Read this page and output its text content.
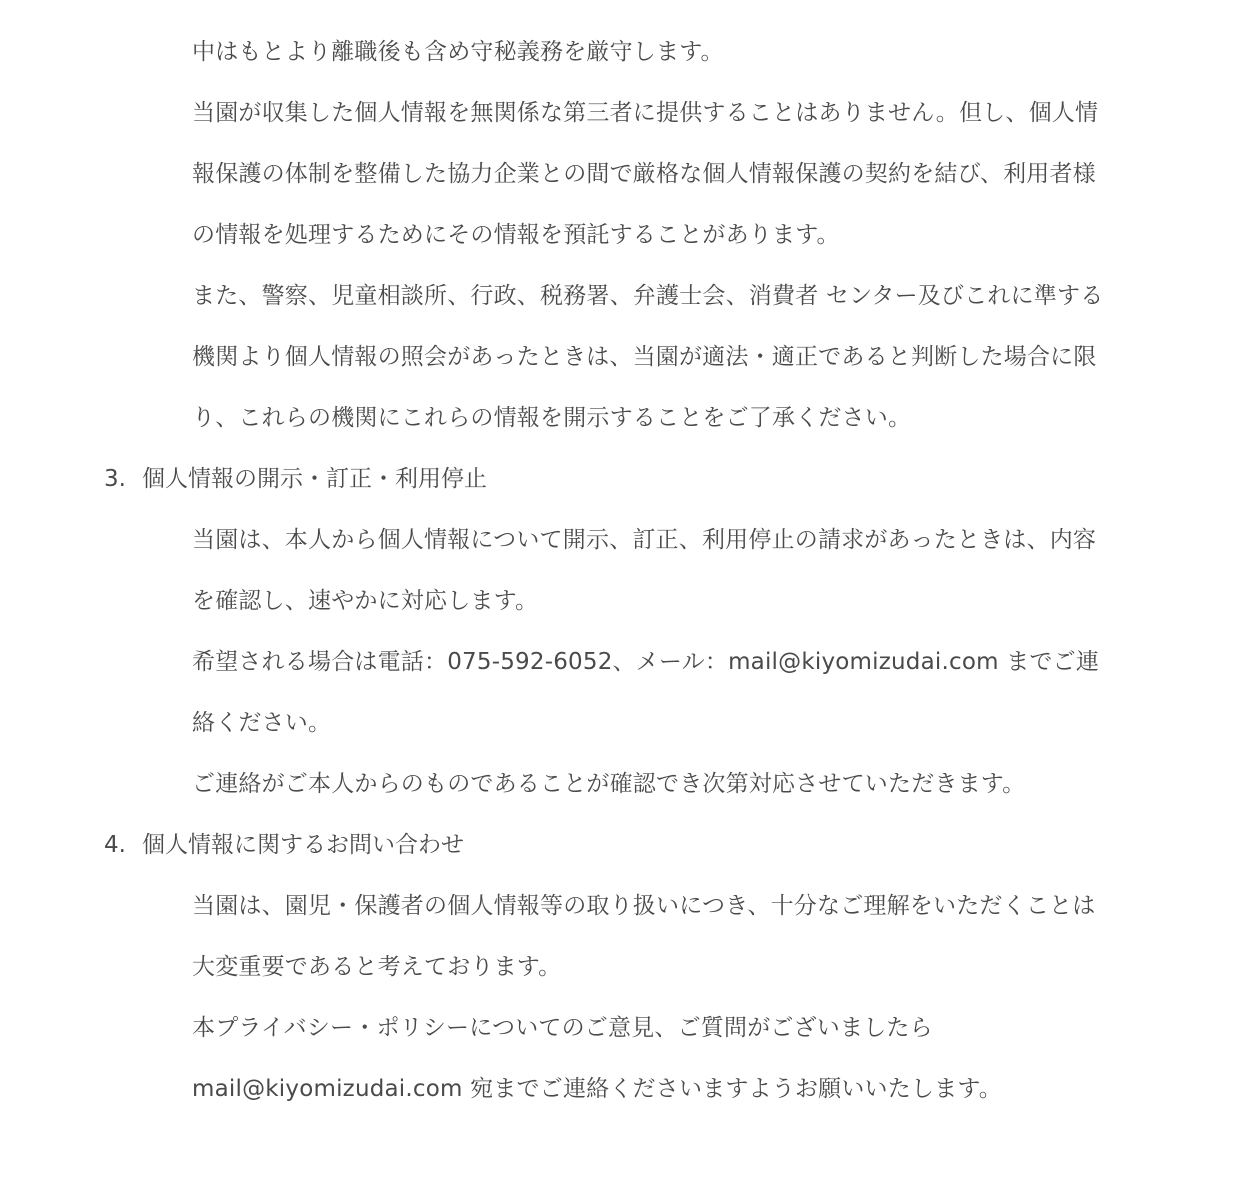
中はもとより離職後も含め守秘義務を厳守します。

当園が収集した個人情報を無関係な第三者に提供することはありません。但し、個人情報保護の体制を整備した協力企業との間で厳格な個人情報保護の契約を結び、利用者様の情報を処理するためにその情報を預託することがあります。

また、警察、児童相談所、行政、税務署、弁護士会、消費者 センター及びこれに準する機関より個人情報の照会があったときは、当園が適法・適正であると判断した場合に限り、これらの機関にこれらの情報を開示することをご了承ください。

3. 個人情報の開示・訂正・利用停止

当園は、本人から個人情報について開示、訂正、利用停止の請求があったときは、内容を確認し、速やかに対応します。

希望される場合は電話：075-592-6052、メール：mail@kiyomizudai.com までご連絡ください。

ご連絡がご本人からのものであることが確認でき次第対応させていただきます。

4. 個人情報に関するお問い合わせ

当園は、園児・保護者の個人情報等の取り扱いにつき、十分なご理解をいただくことは大変重要であると考えております。

本プライバシー・ポリシーについてのご意見、ご質問がございましたら

mail@kiyomizudai.com 宛までご連絡くださいますようお願いいたします。
